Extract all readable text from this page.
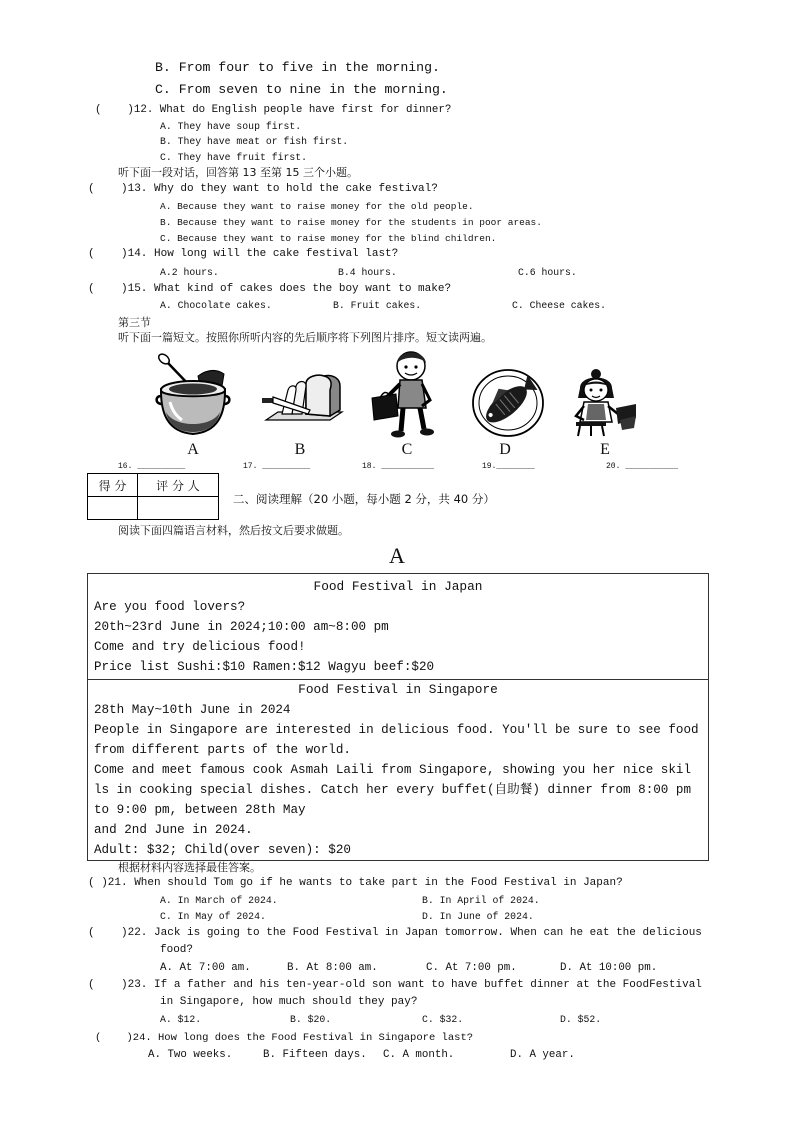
B. From four to five in the morning.
C. From seven to nine in the morning.
(    )12. What do English people have first for dinner?
A. They have soup first.
B. They have meat or fish first.
C. They have fruit first.
听下面一段对话，回答第 13 至第 15 三个小题。
(    )13. Why do they want to hold the cake festival?
A. Because they want to raise money for the old people.
B. Because they want to raise money for the students in poor areas.
C. Because they want to raise money for the blind children.
(    )14. How long will the cake festival last?
A.2 hours.	B.4 hours.	C.6 hours.
(    )15. What kind of cakes does the boy want to make?
A. Chocolate cakes.	B. Fruit cakes.	C. Cheese cakes.
第三节
听下面一篇短文。按照你所听内容的先后顺序将下列图片排序。短文读两遍。
A	B	C	D	E
16. __________	17. __________	18. ___________	19.________	20. ___________
得 分	评 分 人

二、阅读理解（20 小题，每小题 2 分，共 40 分）
阅读下面四篇语言材料，然后按文后要求做题。
A
Food Festival in Japan
Are you food lovers?
20th~23rd June in 2024;10:00 am~8:00 pm
Come and try delicious food!
Price list Sushi:$10 Ramen:$12 Wagyu beef:$20
Food Festival in Singapore
28th May~10th June in 2024
People in Singapore are interested in delicious food. You'll be sure to see food
from different parts of the world.
Come and meet famous cook Asmah Laili from Singapore, showing you her nice skil
ls in cooking special dishes. Catch her every buffet(自助餐) dinner from 8:00 pm
to 9:00 pm, between 28th May
and 2nd June in 2024.
Adult: $32; Child(over seven): $20
根据材料内容选择最佳答案。
( )21. When should Tom go if he wants to take part in the Food Festival in Japan?
A. In March of 2024.	B. In April of 2024.
C. In May of 2024.	D. In June of 2024.
(    )22. Jack is going to the Food Festival in Japan tomorrow. When can he eat the delicious
food?
A. At 7:00 am.	B. At 8:00 am.	C. At 7:00 pm.	D. At 10:00 pm.
(    )23. If a father and his ten-year-old son want to have buffet dinner at the FoodFestival
in Singapore, how much should they pay?
A. $12.	B. $20.	C. $32.	D. $52.
(    )24. How long does the Food Festival in Singapore last?
A. Two weeks.	B. Fifteen days. C. A month.	D. A year.
